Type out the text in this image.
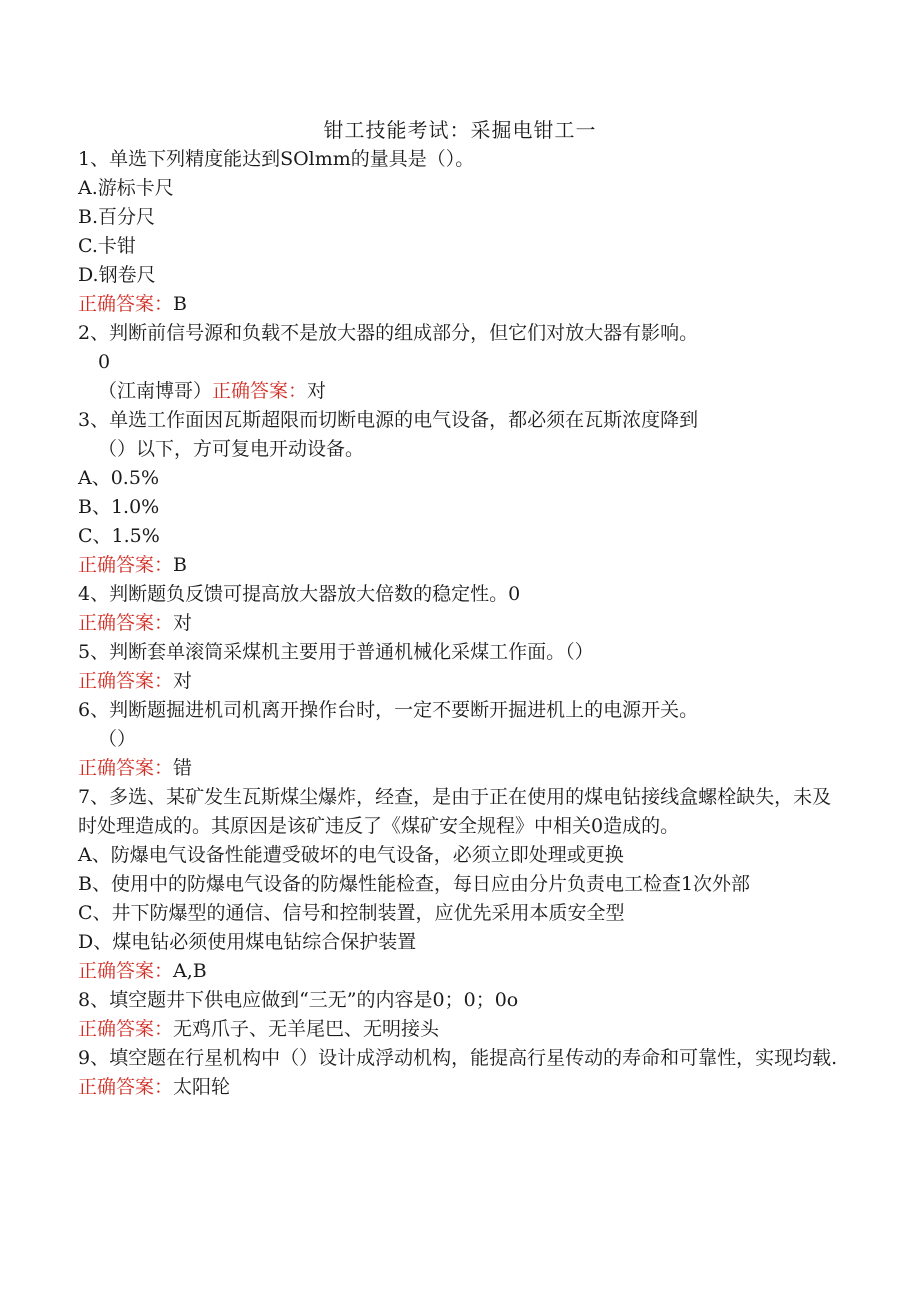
钳工技能考试：采掘电钳工一
1、单选下列精度能达到SOlmm的量具是（）。
A.游标卡尺
B.百分尺
C.卡钳
D.钢卷尺
正确答案：B
2、判断前信号源和负载不是放大器的组成部分，但它们对放大器有影响。
0
（江南博哥）正确答案：对
3、单选工作面因瓦斯超限而切断电源的电气设备，都必须在瓦斯浓度降到
（）以下，方可复电开动设备。
A、0.5%
B、1.0%
C、1.5%
正确答案：B
4、判断题负反馈可提高放大器放大倍数的稳定性。0
正确答案：对
5、判断套单滚筒采煤机主要用于普通机械化采煤工作面。（）
正确答案：对
6、判断题掘进机司机离开操作台时，一定不要断开掘进机上的电源开关。
（）
正确答案：错
7、多选、某矿发生瓦斯煤尘爆炸，经查，是由于正在使用的煤电钻接线盒螺栓缺失，未及时处理造成的。其原因是该矿违反了《煤矿安全规程》中相关0造成的。
A、防爆电气设备性能遭受破坏的电气设备，必须立即处理或更换
B、使用中的防爆电气设备的防爆性能检查，每日应由分片负责电工检查1次外部
C、井下防爆型的通信、信号和控制装置，应优先采用本质安全型
D、煤电钻必须使用煤电钻综合保护装置
正确答案：A,B
8、填空题井下供电应做到“三无”的内容是0；0；0o
正确答案：无鸡爪子、无羊尾巴、无明接头
9、填空题在行星机构中（）设计成浮动机构，能提高行星传动的寿命和可靠性，实现均载.
正确答案：太阳轮
